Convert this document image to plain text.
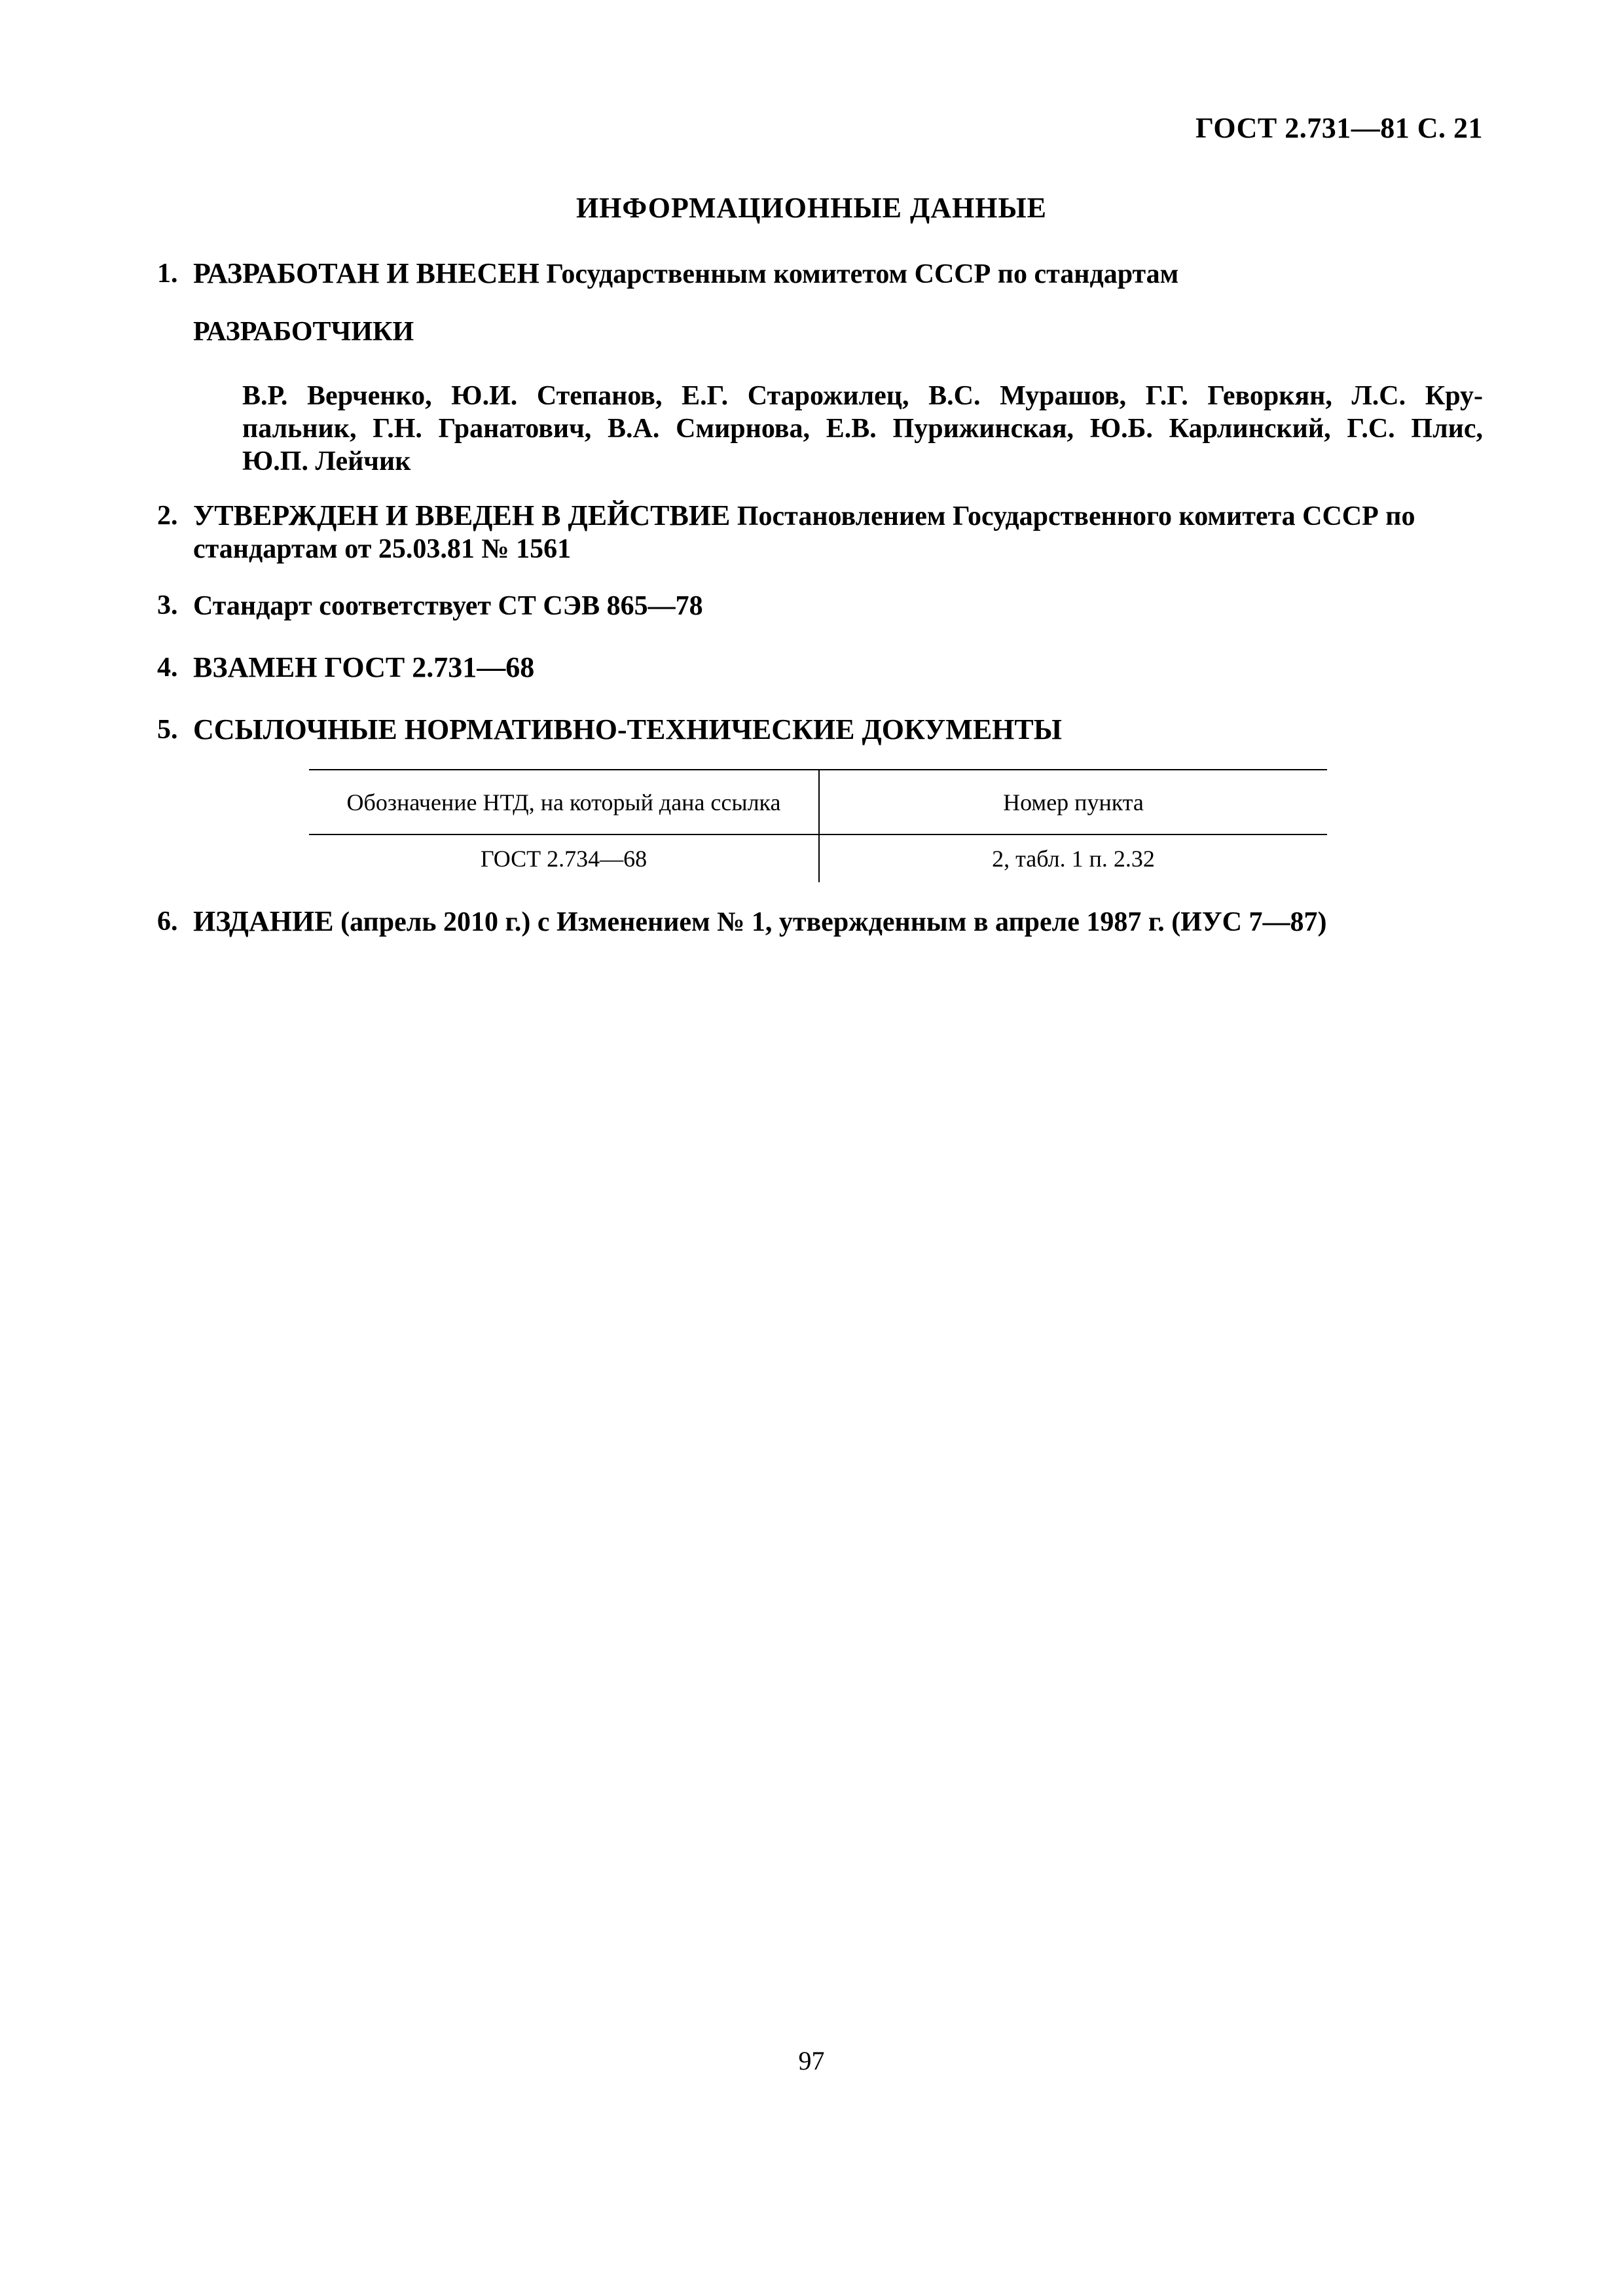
ГОСТ 2.731—81 С. 21
ИНФОРМАЦИОННЫЕ ДАННЫЕ
1. РАЗРАБОТАН И ВНЕСЕН Государственным комитетом СССР по стандартам
РАЗРАБОТЧИКИ
В.Р. Верченко, Ю.И. Степанов, Е.Г. Старожилец, В.С. Мурашов, Г.Г. Геворкян, Л.С. Кру-
пальник, Г.Н. Гранатович, В.А. Смирнова, Е.В. Пурижинская, Ю.Б. Карлинский, Г.С. Плис,
Ю.П. Лейчик
2. УТВЕРЖДЕН И ВВЕДЕН В ДЕЙСТВИЕ Постановлением Государственного комитета СССР по стандартам от 25.03.81 № 1561
3. Стандарт соответствует СТ СЭВ 865—78
4. ВЗАМЕН ГОСТ 2.731—68
5. ССЫЛОЧНЫЕ НОРМАТИВНО-ТЕХНИЧЕСКИЕ ДОКУМЕНТЫ
Обозначение НТД, на который дана ссылка	Номер пункта
ГОСТ 2.734—68	2, табл. 1 п. 2.32
6. ИЗДАНИЕ (апрель 2010 г.) с Изменением № 1, утвержденным в апреле 1987 г. (ИУС 7—87)
97
